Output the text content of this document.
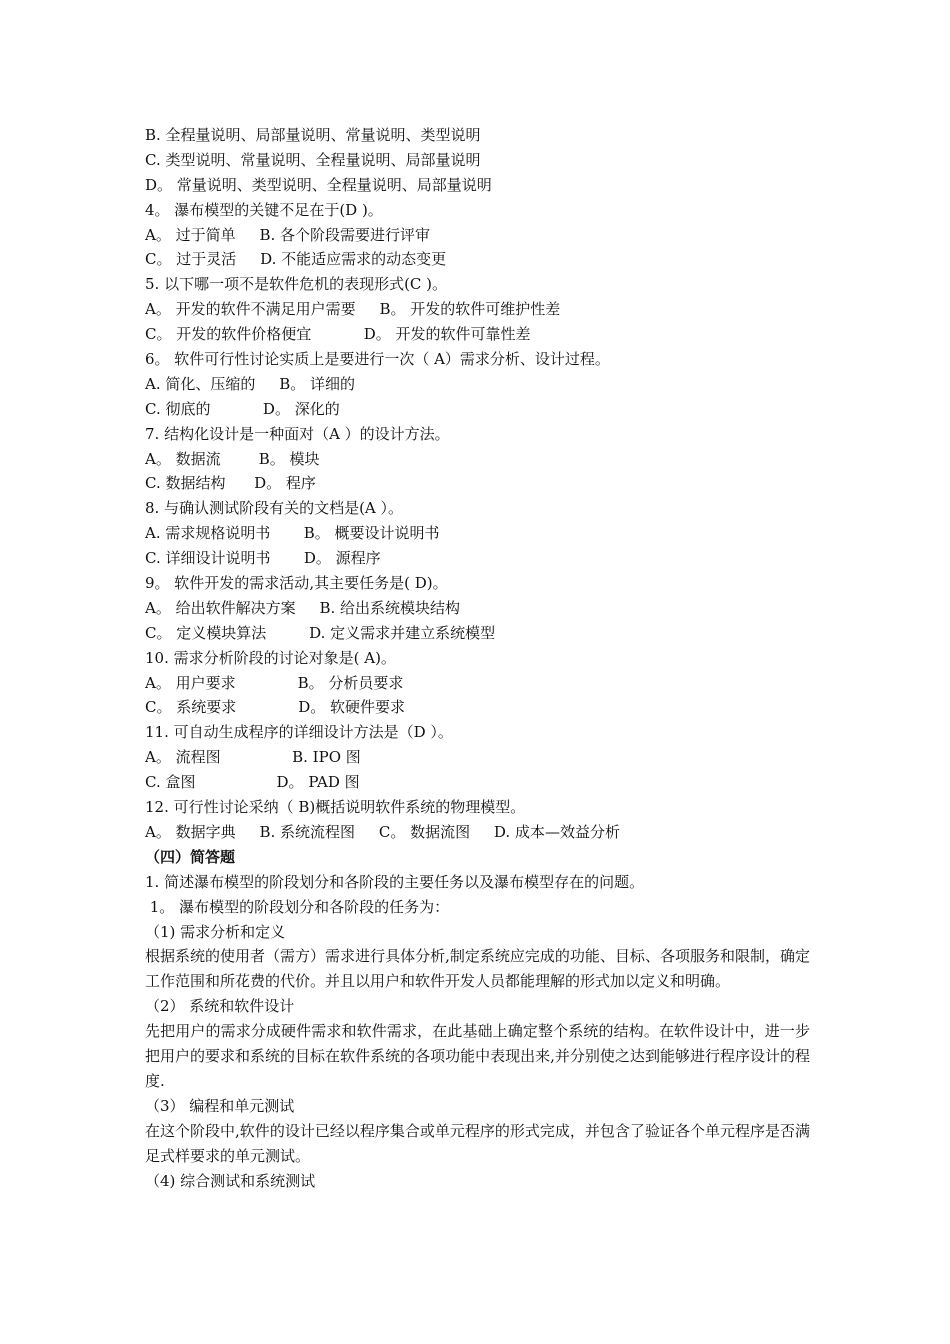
B. 全程量说明、局部量说明、常量说明、类型说明
C. 类型说明、常量说明、全程量说明、局部量说明
D。 常量说明、类型说明、全程量说明、局部量说明
4。 瀑布模型的关键不足在于(D )。
A。 过于简单     B. 各个阶段需要进行评审
C。 过于灵活     D. 不能适应需求的动态变更
5. 以下哪一项不是软件危机的表现形式(C )。
A。 开发的软件不满足用户需要     B。 开发的软件可维护性差
C。 开发的软件价格便宜           D。 开发的软件可靠性差
6。 软件可行性讨论实质上是要进行一次（ A）需求分析、设计过程。
A. 简化、压缩的     B。 详细的
C. 彻底的           D。 深化的
7. 结构化设计是一种面对（A ）的设计方法。
A。 数据流        B。 模块
C. 数据结构      D。 程序
8. 与确认测试阶段有关的文档是(A ）。
A. 需求规格说明书       B。 概要设计说明书
C. 详细设计说明书       D。 源程序
9。 软件开发的需求活动,其主要任务是( D)。
A。 给出软件解决方案     B. 给出系统模块结构
C。 定义模块算法         D. 定义需求并建立系统模型
10. 需求分析阶段的讨论对象是( A)。
A。 用户要求             B。 分析员要求
C。 系统要求             D。 软硬件要求
11. 可自动生成程序的详细设计方法是（D ）。
A。 流程图               B. IPO 图
C. 盒图                 D。 PAD 图
12. 可行性讨论采纳（ B)概括说明软件系统的物理模型。
A。 数据字典     B. 系统流程图     C。 数据流图     D. 成本—效益分析
（四）简答题
1. 简述瀑布模型的阶段划分和各阶段的主要任务以及瀑布模型存在的问题。
1。 瀑布模型的阶段划分和各阶段的任务为：
（1) 需求分析和定义
根据系统的使用者（需方）需求进行具体分析,制定系统应完成的功能、目标、各项服务和限制，确定工作范围和所花费的代价。并且以用户和软件开发人员都能理解的形式加以定义和明确。
（2） 系统和软件设计
先把用户的需求分成硬件需求和软件需求，在此基础上确定整个系统的结构。在软件设计中，进一步把用户的要求和系统的目标在软件系统的各项功能中表现出来,并分别使之达到能够进行程序设计的程度.
（3） 编程和单元测试
在这个阶段中,软件的设计已经以程序集合或单元程序的形式完成，并包含了验证各个单元程序是否满足式样要求的单元测试。
（4) 综合测试和系统测试
